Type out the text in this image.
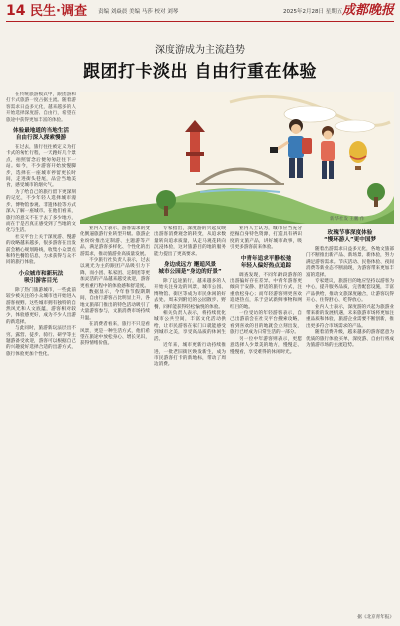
14 民生·调查 责编 刘焱晨 美编 马莎 校对 刘琴	2025年2月28日 星期五 成都晚报
深度游成为主流趋势
跟团打卡淡出 自由行重在体验

在传统旅游模式中，跟团游和打卡式旅游一度占据主流。随着游客需求日益多元化，越来越多的人开始选择深度游、自由行，希望在旅途中获得更加丰富的体验。

体验最地道的当地生活
自由行深入探索慢游

在过去，旅行往往被定义为打卡式的匆忙行程，一天跑好几个景点，拍照留念后便匆匆赶往下一站。如今，不少游客开始放慢脚步，选择在一座城市停留更长时间，走进街头巷尾，品尝当地美食，感受城市的烟火气。

为了给自己的旅行留下更深刻的记忆，不少年轻人选择城市漫步、博物馆参观、非遗体验等方式深入了解一座城市。在他们看来，旅行的意义不在于去了多少地方，而在于是否真正感受到了当地的文化与生活。

社交平台上关于深度游、慢游的攻略越来越多，很多游客在出发前会精心规划路线，收集小众景点和特色餐馆信息，力求获得与众不同的旅行体验。

小众城市和新玩法
吸引游客目光

除了热门旅游城市，一些此前较少被关注的小众城市也开始进入游客视野。这些城市拥有独特的自然风光和人文底蕴，游客相对较少，体验感更好，成为不少人出游的新选择。

与此同时，旅游新玩法层出不穷。露营、徒步、骑行、研学等主题游备受欢迎，游客可以根据自己的兴趣爱好选择合适的出游方式，旅行体验更加个性化。

新华社发 王鹏 作

业内人士表示，游客需求的变化倒逼旅游行业转型升级。旅游企业纷纷推出定制游、主题游等产品，满足游客多样化、个性化的出游需求，推动旅游业高质量发展。

不少旅行社负责人表示，过去以观光为主的跟团产品吸引力下降，而小团、私家团、定制团等更加灵活的产品越来越受欢迎，游客更看重行程中的体验感和舒适度。

数据显示，今年春节假期期间，自由行游客占比明显上升，各地文旅部门推出的特色活动吸引了大量游客参与，文旅消费市场持续升温。

在消费者看来，旅行不只是看风景，更是一种生活方式，他们希望在旅途中放松身心、增长见识，获得情绪价值。

专家指出，深度游的兴起反映出游客消费观念的转变，从追求数量转向追求质量，从走马观花转向沉浸体验，这对旅游目的地的服务能力提出了更高要求。

身边成远方 邂逅风景
城市公园是“身边的好景”

除了远途旅行，越来越多的人开始关注身边的风景，城市公园、博物馆、街区等成为市民休闲的好去处。周末到附近的公园散步、野餐，同样能获得轻松愉悦的体验。

相关负责人表示，将持续优化城市公共空间，丰富文化活动供给，让市民游客在家门口就能感受到城市之美，享受高品质的休闲生活。

近年来，城市更新行动持续推进，一批老旧街区焕发新生，成为市民游客打卡的新地标，带动了周边消费。

业内人士认为，城市应当充分挖掘自身特色资源，打造具有辨识度的文旅产品，讲好城市故事，吸引更多游客前来体验。

中青年追求平静松弛
年轻人偏好热点追踪

调查发现，不同年龄段游客的出游偏好存在差异。中青年游客更倾向于安静、舒适的旅行方式，注重放松身心；而年轻游客则更喜欢追逐热点，乐于尝试新鲜事物和网红目的地。

一位受访的年轻游客表示，自己出游前会在社交平台搜索攻略，看到喜欢的目的地就会立刻出发，旅行已经成为日常生活的一部分。

另一位中年游客则表示，更愿意选择人少景美的地方，慢慢走、慢慢看，享受难得的休闲时光。

玫瑰节事深度体验
“慢环游人”更中国梦

随着出游需求日益多元化，各地文旅部门不断推出新产品、新场景、新体验，努力满足游客需求。节庆活动、民俗体验、夜间消费等新业态不断涌现，为游客带来更加丰富的选择。

专家建议，旅游目的地应坚持以游客为中心，提升服务品质，完善配套设施，丰富产品供给，推动文旅深度融合，让游客玩得开心、住得舒心、吃得放心。

业内人士表示，深度游的兴起为旅游业带来新的发展机遇，未来旅游市场将更加注重品质和体验，旅游企业需要不断创新，推出更多符合市场需求的产品。

随着消费升级，越来越多的游客愿意为优质的旅行体验买单，深度游、自由行将成为旅游市场的主流趋势。

据《北京青年报》
